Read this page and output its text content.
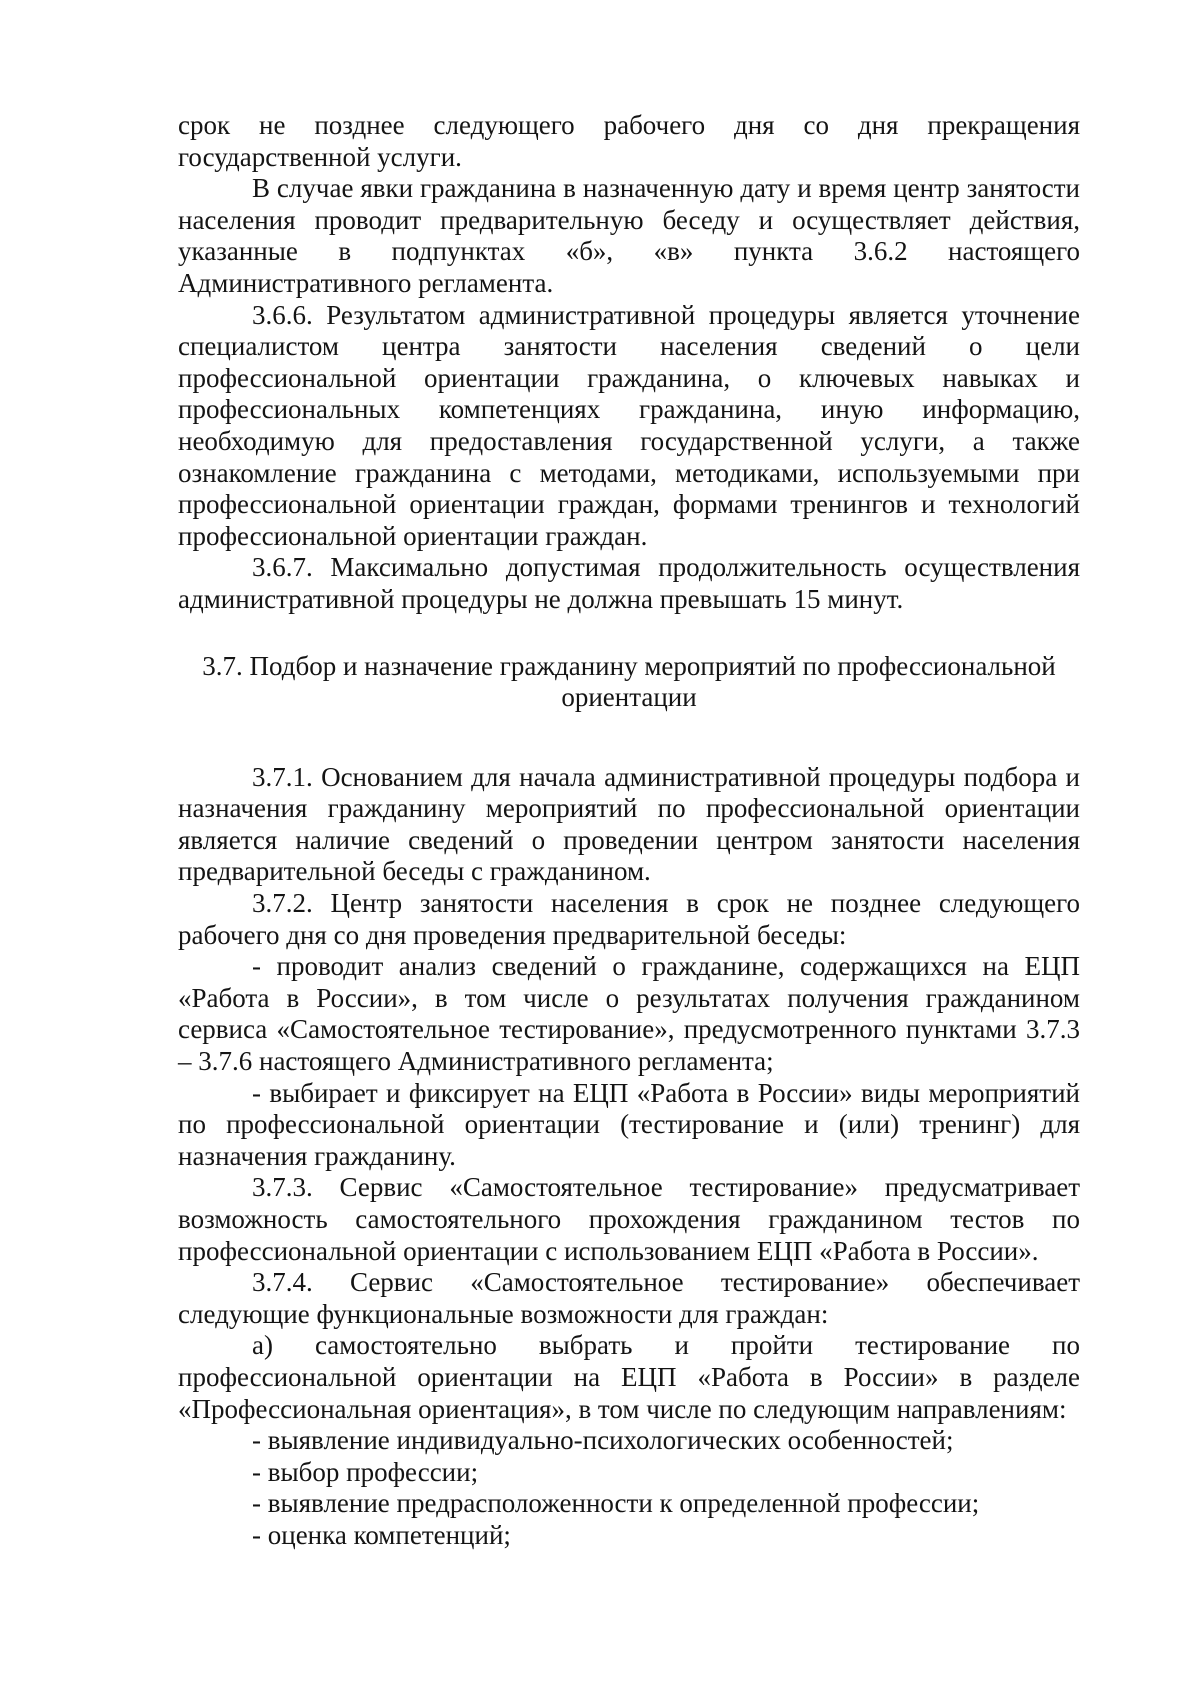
срок не позднее следующего рабочего дня со дня прекращения государственной услуги.

В случае явки гражданина в назначенную дату и время центр занятости населения проводит предварительную беседу и осуществляет действия, указанные в подпунктах «б», «в» пункта 3.6.2 настоящего Административного регламента.

3.6.6. Результатом административной процедуры является уточнение специалистом центра занятости населения сведений о цели профессиональной ориентации гражданина, о ключевых навыках и профессиональных компетенциях гражданина, иную информацию, необходимую для предоставления государственной услуги, а также ознакомление гражданина с методами, методиками, используемыми при профессиональной ориентации граждан, формами тренингов и технологий профессиональной ориентации граждан.

3.6.7. Максимально допустимая продолжительность осуществления административной процедуры не должна превышать 15 минут.

3.7. Подбор и назначение гражданину мероприятий по профессиональной ориентации

3.7.1. Основанием для начала административной процедуры подбора и назначения гражданину мероприятий по профессиональной ориентации является наличие сведений о проведении центром занятости населения предварительной беседы с гражданином.

3.7.2. Центр занятости населения в срок не позднее следующего рабочего дня со дня проведения предварительной беседы:

- проводит анализ сведений о гражданине, содержащихся на ЕЦП «Работа в России», в том числе о результатах получения гражданином сервиса «Самостоятельное тестирование», предусмотренного пунктами 3.7.3 – 3.7.6 настоящего Административного регламента;

- выбирает и фиксирует на ЕЦП «Работа в России» виды мероприятий по профессиональной ориентации (тестирование и (или) тренинг) для назначения гражданину.

3.7.3. Сервис «Самостоятельное тестирование» предусматривает возможность самостоятельного прохождения гражданином тестов по профессиональной ориентации с использованием ЕЦП «Работа в России».

3.7.4. Сервис «Самостоятельное тестирование» обеспечивает следующие функциональные возможности для граждан:

а) самостоятельно выбрать и пройти тестирование по профессиональной ориентации на ЕЦП «Работа в России» в разделе «Профессиональная ориентация», в том числе по следующим направлениям:

- выявление индивидуально-психологических особенностей;

- выбор профессии;

- выявление предрасположенности к определенной профессии;

- оценка компетенций;
